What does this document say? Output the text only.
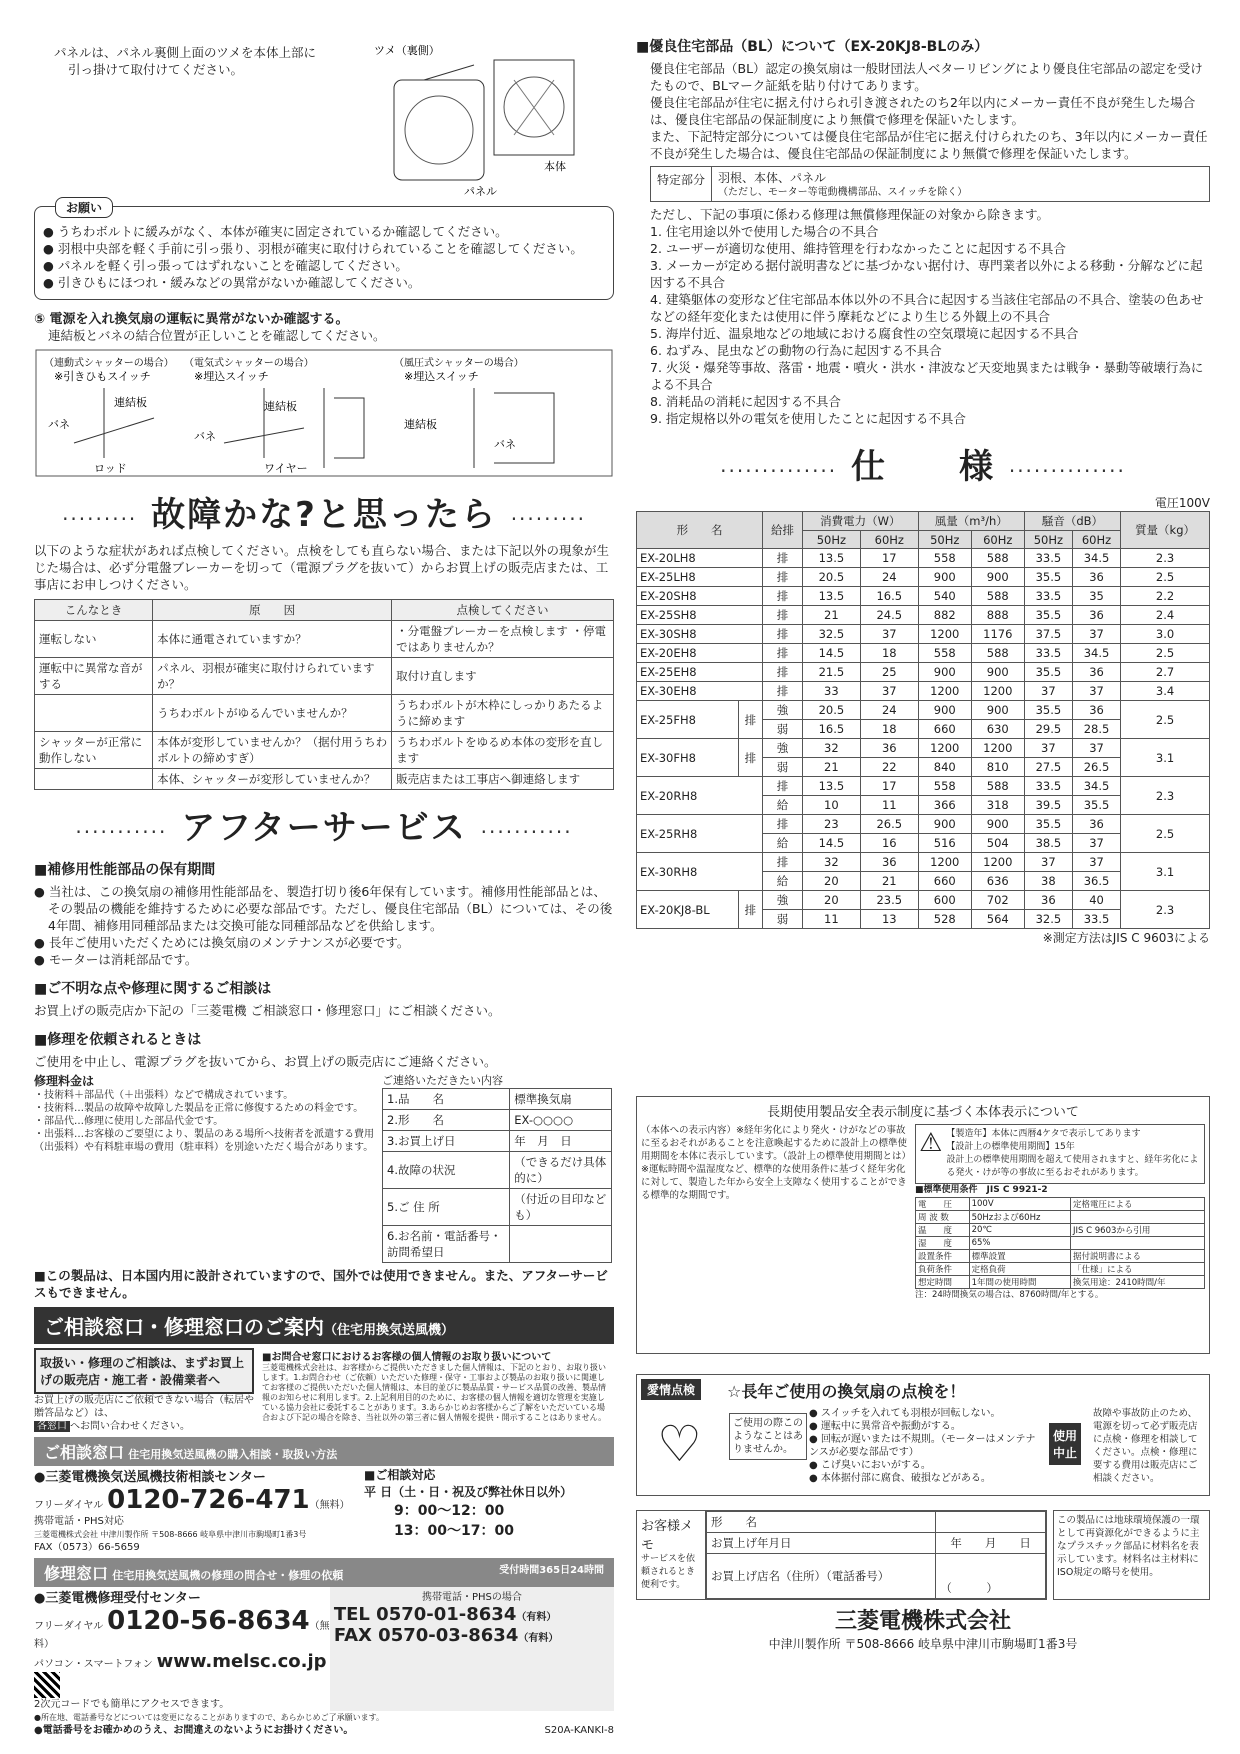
パネルは、パネル裏側上面のツメを本体上部に引っ掛けて取付けてください。
ツメ（裏側）
本体
パネル
お願い
● うちわボルトに緩みがなく、本体が確実に固定されているか確認してください。
● 羽根中央部を軽く手前に引っ張り、羽根が確実に取付けられていることを確認してください。
● パネルを軽く引っ張ってはずれないことを確認してください。
● 引きひもにほつれ・緩みなどの異常がないか確認してください。
⑤ 電源を入れ換気扇の運転に異常がないか確認する。
連結板とバネの結合位置が正しいことを確認してください。
（連動式シャッターの場合）
※引きひもスイッチ
（電気式シャッターの場合）
※埋込スイッチ
（風圧式シャッターの場合）
※埋込スイッチ
連結板
バネ
ロッド
連結板
バネ
ワイヤー
連結板
バネ
········· 故障かな?と思ったら ·········
以下のような症状があれば点検してください。点検をしても直らない場合、または下記以外の現象が生じた場合は、必ず分電盤ブレーカーを切って（電源プラグを抜いて）からお買上げの販売店または、工事店にお申しつけください。
こんなとき	原　　因	点検してください
運転しない	本体に通電されていますか？	・分電盤ブレーカーを点検します ・停電ではありませんか？
運転中に異常な音がする	パネル、羽根が確実に取付けられていますか？	取付け直します
	うちわボルトがゆるんでいませんか？	うちわボルトが木枠にしっかりあたるように締めます
シャッターが正常に動作しない	本体が変形していませんか？（据付用うちわボルトの締めすぎ）	うちわボルトをゆるめ本体の変形を直します
	本体、シャッターが変形していませんか？	販売店または工事店へ御連絡します
··········· アフターサービス ···········
■補修用性能部品の保有期間
● 当社は、この換気扇の補修用性能部品を、製造打切り後6年保有しています。補修用性能部品とは、その製品の機能を維持するために必要な部品です。ただし、優良住宅部品（BL）については、その後4年間、補修用同種部品または交換可能な同種部品などを供給します。
● 長年ご使用いただくためには換気扇のメンテナンスが必要です。
● モーターは消耗部品です。
■ご不明な点や修理に関するご相談は
お買上げの販売店か下記の「三菱電機 ご相談窓口・修理窓口」にご相談ください。
■修理を依頼されるときは
ご使用を中止し、電源プラグを抜いてから、お買上げの販売店にご連絡ください。
修理料金は
・技術料＋部品代（＋出張料）などで構成されています。
・技術料…製品の故障や故障した製品を正常に修復するための料金です。
・部品代…修理に使用した部品代金です。
・出張料…お客様のご要望により、製品のある場所へ技術者を派遣する費用（出張料）や有料駐車場の費用（駐車料）を別途いただく場合があります。
ご連絡いただきたい内容
1.品　　名	標準換気扇
2.形　　名	EX-○○○○
3.お買上げ日	年　月　日
4.故障の状況	（できるだけ具体的に）
5.ご 住 所	（付近の目印なども）
6.お名前・電話番号・訪問希望日	
■この製品は、日本国内用に設計されていますので、国外では使用できません。また、アフターサービスもできません。
ご相談窓口・修理窓口のご案内（住宅用換気送風機）
取扱い・修理のご相談は、まずお買上げの販売店・施工者・設備業者へ
お買上げの販売店にご依頼できない場合（転居や贈答品など）は、
各窓口 へお問い合わせください。
■お問合せ窓口におけるお客様の個人情報のお取り扱いについて
三菱電機株式会社は、お客様からご提供いただきました個人情報は、下記のとおり、お取り扱いします。1.お問合わせ（ご依頼）いただいた修理・保守・工事および製品のお取り扱いに関連してお客様のご提供いただいた個人情報は、本目的並びに製品品質・サービス品質の改善、製品情報のお知らせに利用します。2.上記利用目的のために、お客様の個人情報を適切な管理を実施している協力会社に委託することがあります。3.あらかじめお客様からご了解をいただいている場合および下記の場合を除き、当社以外の第三者に個人情報を提供・開示することはありません。
ご相談窓口 住宅用換気送風機の購入相談・取扱い方法
●三菱電機換気送風機技術相談センター
フリーダイヤル 0120-726-471（無料）
携帯電話・PHS対応
三菱電機株式会社 中津川製作所 〒508-8666 岐阜県中津川市駒場町1番3号
FAX（0573）66-5659
■ご相談対応
平 日（土・日・祝及び弊社休日以外）
9：00〜12：00
13：00〜17：00
修理窓口 住宅用換気送風機の修理の問合せ・修理の依頼	受付時間365日24時間
●三菱電機修理受付センター
フリーダイヤル 0120-56-8634（無料）
パソコン・スマートフォン www.melsc.co.jp
2次元コードでも簡単にアクセスできます。
携帯電話・PHSの場合
TEL 0570-01-8634（有料）
FAX 0570-03-8634（有料）
●所在地、電話番号などについては変更になることがありますので、あらかじめご了承願います。
●電話番号をお確かめのうえ、お間違えのないようにお掛けください。	S20A-KANKI-8
■優良住宅部品（BL）について（EX-20KJ8-BLのみ）
優良住宅部品（BL）認定の換気扇は一般財団法人ベターリビングにより優良住宅部品の認定を受けたもので、BLマーク証紙を貼り付けてあります。
優良住宅部品が住宅に据え付けられ引き渡されたのち2年以内にメーカー責任不良が発生した場合は、優良住宅部品の保証制度により無償で修理を保証いたします。
また、下記特定部分については優良住宅部品が住宅に据え付けられたのち、3年以内にメーカー責任不良が発生した場合は、優良住宅部品の保証制度により無償で修理を保証いたします。
特定部分	羽根、本体、パネル
（ただし、モーター等電動機構部品、スイッチを除く）
ただし、下記の事項に係わる修理は無償修理保証の対象から除きます。
1. 住宅用途以外で使用した場合の不具合
2. ユーザーが適切な使用、維持管理を行わなかったことに起因する不具合
3. メーカーが定める据付説明書などに基づかない据付け、専門業者以外による移動・分解などに起因する不具合
4. 建築躯体の変形など住宅部品本体以外の不具合に起因する当該住宅部品の不具合、塗装の色あせなどの経年変化または使用に伴う摩耗などにより生じる外観上の不具合
5. 海岸付近、温泉地などの地域における腐食性の空気環境に起因する不具合
6. ねずみ、昆虫などの動物の行為に起因する不具合
7. 火災・爆発等事故、落雷・地震・噴火・洪水・津波など天変地異または戦争・暴動等破壊行為による不具合
8. 消耗品の消耗に起因する不具合
9. 指定規格以外の電気を使用したことに起因する不具合
·············· 仕　　様 ··············
電圧100V
形　　名		給排	消費電力（W）		風量（m³/h）		騒音（dB）		質量（kg）
			50Hz	60Hz	50Hz	60Hz	50Hz	60Hz	
EX-20LH8		排	13.5	17	558	588	33.5	34.5	2.3
EX-25LH8		排	20.5	24	900	900	35.5	36	2.5
EX-20SH8		排	13.5	16.5	540	588	33.5	35	2.2
EX-25SH8		排	21	24.5	882	888	35.5	36	2.4
EX-30SH8		排	32.5	37	1200	1176	37.5	37	3.0
EX-20EH8		排	14.5	18	558	588	33.5	34.5	2.5
EX-25EH8		排	21.5	25	900	900	35.5	36	2.7
EX-30EH8		排	33	37	1200	1200	37	37	3.4
EX-25FH8	排	強	20.5	24	900	900	35.5	36	2.5
		弱	16.5	18	660	630	29.5	28.5	
EX-30FH8	排	強	32	36	1200	1200	37	37	3.1
		弱	21	22	840	810	27.5	26.5	
EX-20RH8		排	13.5	17	558	588	33.5	34.5	2.3
		給	10	11	366	318	39.5	35.5	
EX-25RH8		排	23	26.5	900	900	35.5	36	2.5
		給	14.5	16	516	504	38.5	37	
EX-30RH8		排	32	36	1200	1200	37	37	3.1
		給	20	21	660	636	38	36.5	
EX-20KJ8-BL	排	強	20	23.5	600	702	36	40	2.3
		弱	11	13	528	564	32.5	33.5	
※測定方法はJIS C 9603による
長期使用製品安全表示制度に基づく本体表示について
（本体への表示内容）※経年劣化により発火・けがなどの事故に至るおそれがあることを注意喚起するために設計上の標準使用期間を本体に表示しています。（設計上の標準使用期間とは）※運転時間や温湿度など、標準的な使用条件に基づく経年劣化に対して、製造した年から安全上支障なく使用することができる標準的な期間です。
⚠ 【製造年】本体に西暦4ケタで表示してあります
【設計上の標準使用期間】15年
設計上の標準使用期間を超えて使用されますと、経年劣化による発火・けが等の事故に至るおそれがあります。
■標準使用条件　JIS C 9921-2
電　　圧	100V	定格電圧による
周 波 数	50Hzおよび60Hz	
温　　度	20℃	JIS C 9603から引用
湿　　度	65%	
設置条件	標準設置	据付説明書による
負荷条件	定格負荷	「仕様」による
想定時間	1年間の使用時間	換気用途：2410時間/年
注：24時間換気の場合は、8760時間/年とする。
愛情点検	☆長年ご使用の換気扇の点検を！
♡	ご使用の際このようなことはありませんか。
● スイッチを入れても羽根が回転しない。
● 運転中に異常音や振動がする。
● 回転が遅いまたは不規則。（モーターはメンテナンスが必要な部品です）
● こげ臭いにおいがする。
● 本体据付部に腐食、破損などがある。
使用
中止
故障や事故防止のため、電源を切って必ず販売店に点検・修理を相談してください。点検・修理に要する費用は販売店にご相談ください。
お客様メモ
サービスを依頼されるとき便利です。
形　　名	
お買上げ年月日	年　　月　　日
お買上げ店名（住所）（電話番号）	（　　　）
この製品には地球環境保護の一環として再資源化ができるように主なプラスチック部品に材料名を表示しています。材料名は主材料にISO規定の略号を使用。
三菱電機株式会社
中津川製作所 〒508-8666 岐阜県中津川市駒場町1番3号
